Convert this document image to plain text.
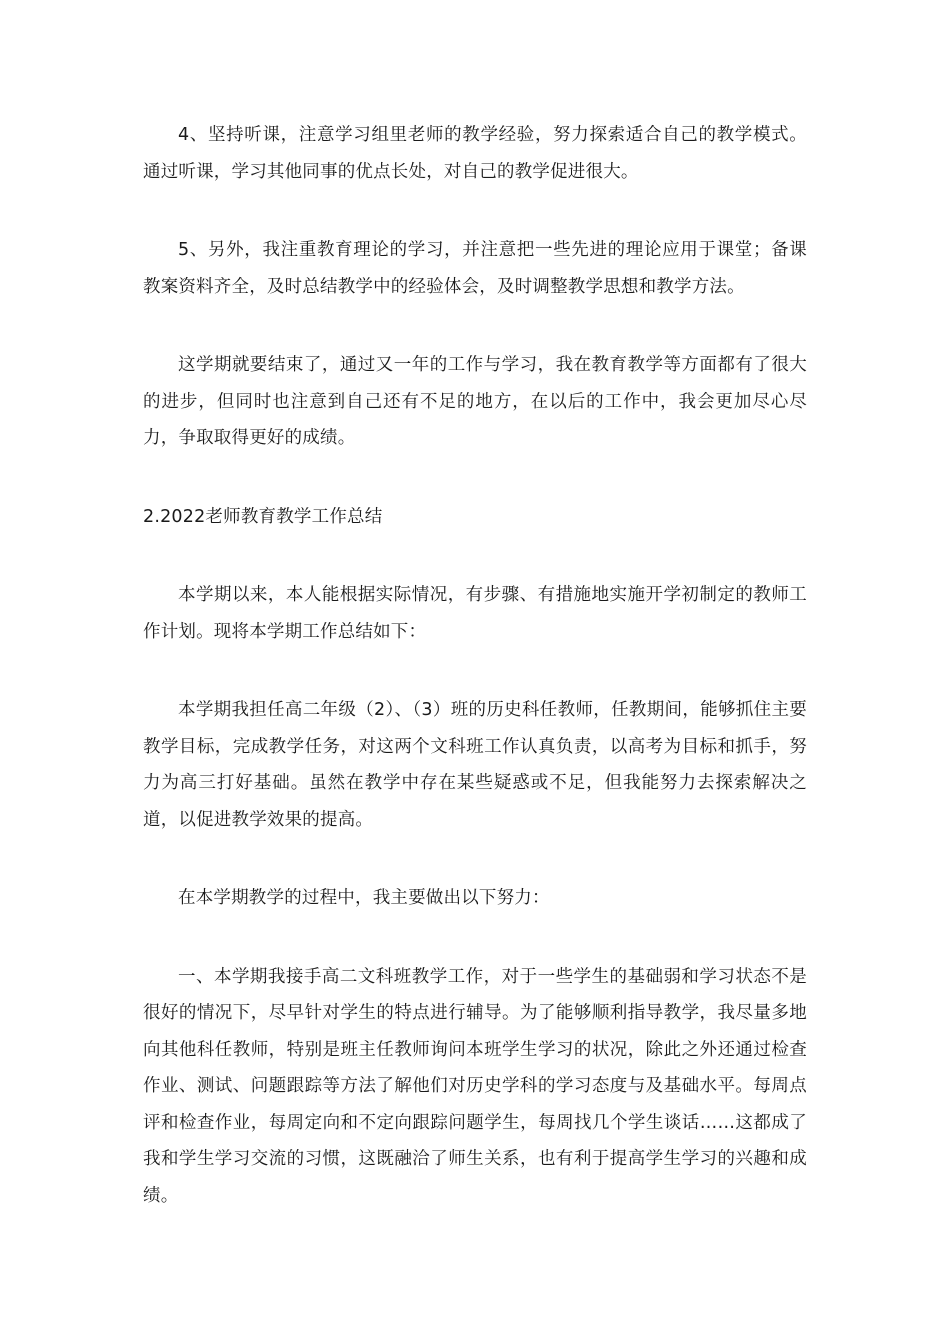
4、坚持听课，注意学习组里老师的教学经验，努力探索适合自己的教学模式。通过听课，学习其他同事的优点长处，对自己的教学促进很大。

5、另外，我注重教育理论的学习，并注意把一些先进的理论应用于课堂；备课教案资料齐全，及时总结教学中的经验体会，及时调整教学思想和教学方法。

这学期就要结束了，通过又一年的工作与学习，我在教育教学等方面都有了很大的进步，但同时也注意到自己还有不足的地方，在以后的工作中，我会更加尽心尽力，争取取得更好的成绩。

2.2022老师教育教学工作总结

本学期以来，本人能根据实际情况，有步骤、有措施地实施开学初制定的教师工作计划。现将本学期工作总结如下：

本学期我担任高二年级（2）、（3）班的历史科任教师，任教期间，能够抓住主要教学目标，完成教学任务，对这两个文科班工作认真负责，以高考为目标和抓手，努力为高三打好基础。虽然在教学中存在某些疑惑或不足，但我能努力去探索解决之道，以促进教学效果的提高。

在本学期教学的过程中，我主要做出以下努力：

一、本学期我接手高二文科班教学工作，对于一些学生的基础弱和学习状态不是很好的情况下，尽早针对学生的特点进行辅导。为了能够顺利指导教学，我尽量多地向其他科任教师，特别是班主任教师询问本班学生学习的状况，除此之外还通过检查作业、测试、问题跟踪等方法了解他们对历史学科的学习态度与及基础水平。每周点评和检查作业，每周定向和不定向跟踪问题学生，每周找几个学生谈话……这都成了我和学生学习交流的习惯，这既融洽了师生关系，也有利于提高学生学习的兴趣和成绩。
